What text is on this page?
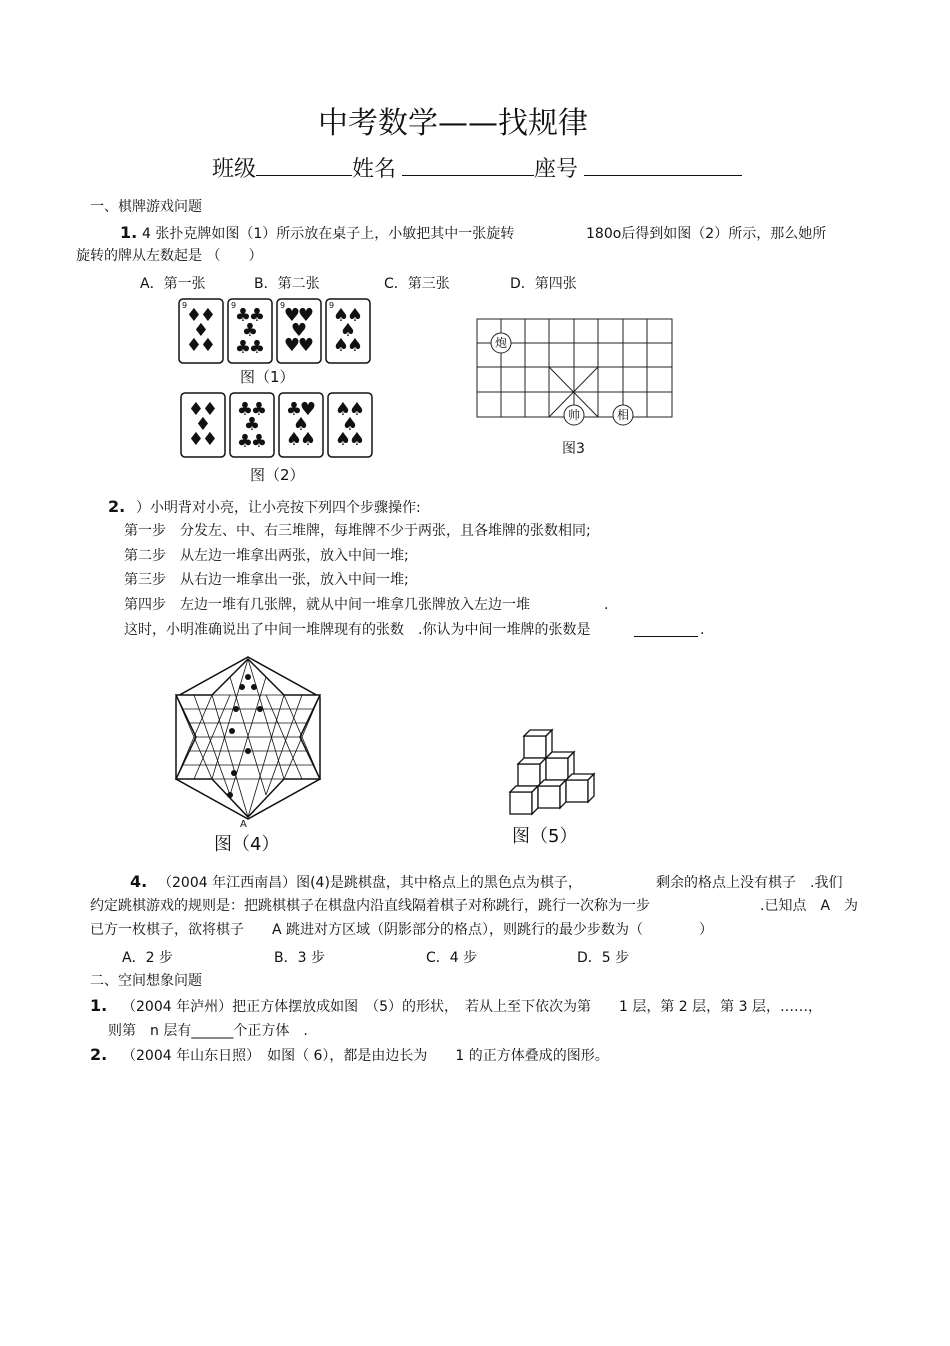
中考数学——找规律
班级	姓名	座号
一、棋牌游戏问题
1. 4 张扑克牌如图（1）所示放在桌子上，小敏把其中一张旋转	180o后得到如图（2）所示，那么她所
旋转的牌从左数起是 （　　）
A．第一张	B．第二张	C．第三张	D．第四张
♦
♦
♦
♦
♦
♣
♣
♣
♣
♣
♥
♥
♥
♥
♥
♠
♠
♠
♠
♠
9	9	9	9
图（1）
♦
♦
♦
♦
♦
♣
♣
♣
♣
♣
♣
♥
♠
♠
♠
♠
♠
♠
♠
♠
图（2）
炮
帅	相
图3
2. ）小明背对小亮，让小亮按下列四个步骤操作:
第一步　分发左、中、右三堆牌，每堆牌不少于两张，且各堆牌的张数相同;
第二步　从左边一堆拿出两张，放入中间一堆;
第三步　从右边一堆拿出一张，放入中间一堆;
第四步　左边一堆有几张牌，就从中间一堆拿几张牌放入左边一堆	.
这时，小明准确说出了中间一堆牌现有的张数　.你认为中间一堆牌的张数是	.
A
图（4）	图（5）
4. （2004 年江西南昌）图(4)是跳棋盘，其中格点上的黑色点为棋子，	剩余的格点上没有棋子　.我们
约定跳棋游戏的规则是：把跳棋棋子在棋盘内沿直线隔着棋子对称跳行，跳行一次称为一步	.已知点　A　为
已方一枚棋子，欲将棋子　　A 跳进对方区域（阴影部分的格点），则跳行的最少步数为（　　　　）
A．2 步	B．3 步	C．4 步	D．5 步
二、空间想象问题
1. （2004 年泸州）把正方体摆放成如图　（5）的形状，　若从上至下依次为第　　1 层，第 2 层，第 3 层，……，
则第　n 层有______个正方体　.
2. （2004 年山东日照）　如图（ 6），都是由边长为　　1 的正方体叠成的图形。
